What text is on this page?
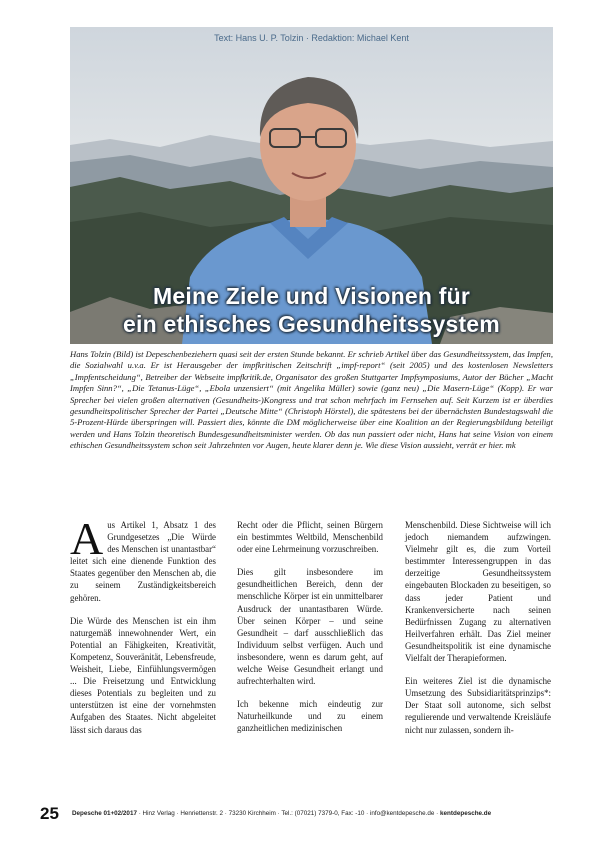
Text: Hans U. P. Tolzin · Redaktion: Michael Kent
Meine Ziele und Visionen für
ein ethisches Gesundheitssystem
Hans Tolzin (Bild) ist Depeschenbeziehern quasi seit der ersten Stunde bekannt. Er schrieb Artikel über das Gesundheitssystem, das Impfen, die Sozialwahl u.v.a. Er ist Herausgeber der impfkritischen Zeitschrift „impf-report“ (seit 2005) und des kostenlosen Newsletters „Impfentscheidung“, Betreiber der Webseite impfkritik.de, Organisator des großen Stuttgarter Impfsymposiums, Autor der Bücher „Macht Impfen Sinn?“, „Die Tetanus-Lüge“, „Ebola unzensiert“ (mit Angelika Müller) sowie (ganz neu) „Die Masern-Lüge“ (Kopp). Er war Sprecher bei vielen großen alternativen (Gesundheits-)Kongress und trat schon mehrfach im Fernsehen auf. Seit Kurzem ist er überdies gesundheitspolitischer Sprecher der Partei „Deutsche Mitte“ (Christoph Hörstel), die spätestens bei der übernächsten Bundestagswahl die 5-Prozent-Hürde überspringen will. Passiert dies, könnte die DM möglicherweise über eine Koalition an der Regierungsbildung beteiligt werden und Hans Tolzin theoretisch Bundesgesundheitsminister werden. Ob das nun passiert oder nicht, Hans hat seine Vision von einem ethischen Gesundheitssystem schon seit Jahrzehnten vor Augen, heute klarer denn je. Wie diese Vision aussieht, verrät er hier. mk

Aus Artikel 1, Absatz 1 des Grundgesetzes „Die Würde des Menschen ist unantastbar“ leitet sich eine dienende Funktion des Staates gegenüber den Menschen ab, die zu seinem Zuständigkeitsbereich gehören.

Die Würde des Menschen ist ein ihm naturgemäß innewohnender Wert, ein Potential an Fähigkeiten, Kreativität, Kompetenz, Souveränität, Lebensfreude, Weisheit, Liebe, Einfühlungsvermögen ... Die Freisetzung und Entwicklung dieses Potentials zu begleiten und zu unterstützen ist eine der vornehmsten Aufgaben des Staates. Nicht abgeleitet lässt sich daraus das

Recht oder die Pflicht, seinen Bürgern ein bestimmtes Weltbild, Menschenbild oder eine Lehrmeinung vorzuschreiben.

Dies gilt insbesondere im gesundheitlichen Bereich, denn der menschliche Körper ist ein unmittelbarer Ausdruck der unantastbaren Würde. Über seinen Körper – und seine Gesundheit – darf ausschließlich das Individuum selbst verfügen. Auch und insbesondere, wenn es darum geht, auf welche Weise Gesundheit erlangt und aufrechterhalten wird.

Ich bekenne mich eindeutig zur Naturheilkunde und zu einem ganzheitlichen medizinischen

Menschenbild. Diese Sichtweise will ich jedoch niemandem aufzwingen. Vielmehr gilt es, die zum Vorteil bestimmter Interessengruppen in das derzeitige Gesundheitssystem eingebauten Blockaden zu beseitigen, so dass jeder Patient und Krankenversicherte nach seinen Bedürfnissen Zugang zu alternativen Heilverfahren erhält. Das Ziel meiner Gesundheitspolitik ist eine dynamische Vielfalt der Therapieformen.

Ein weiteres Ziel ist die dynamische Umsetzung des Subsidiaritätsprinzips*: Der Staat soll autonome, sich selbst regulierende und verwaltende Kreisläufe nicht nur zulassen, sondern ih-

25 Depesche 01+02/2017 · Hinz Verlag · Henriettenstr. 2 · 73230 Kirchheim · Tel.: (07021) 7379-0, Fax: -10 · info@kentdepesche.de · kentdepesche.de
